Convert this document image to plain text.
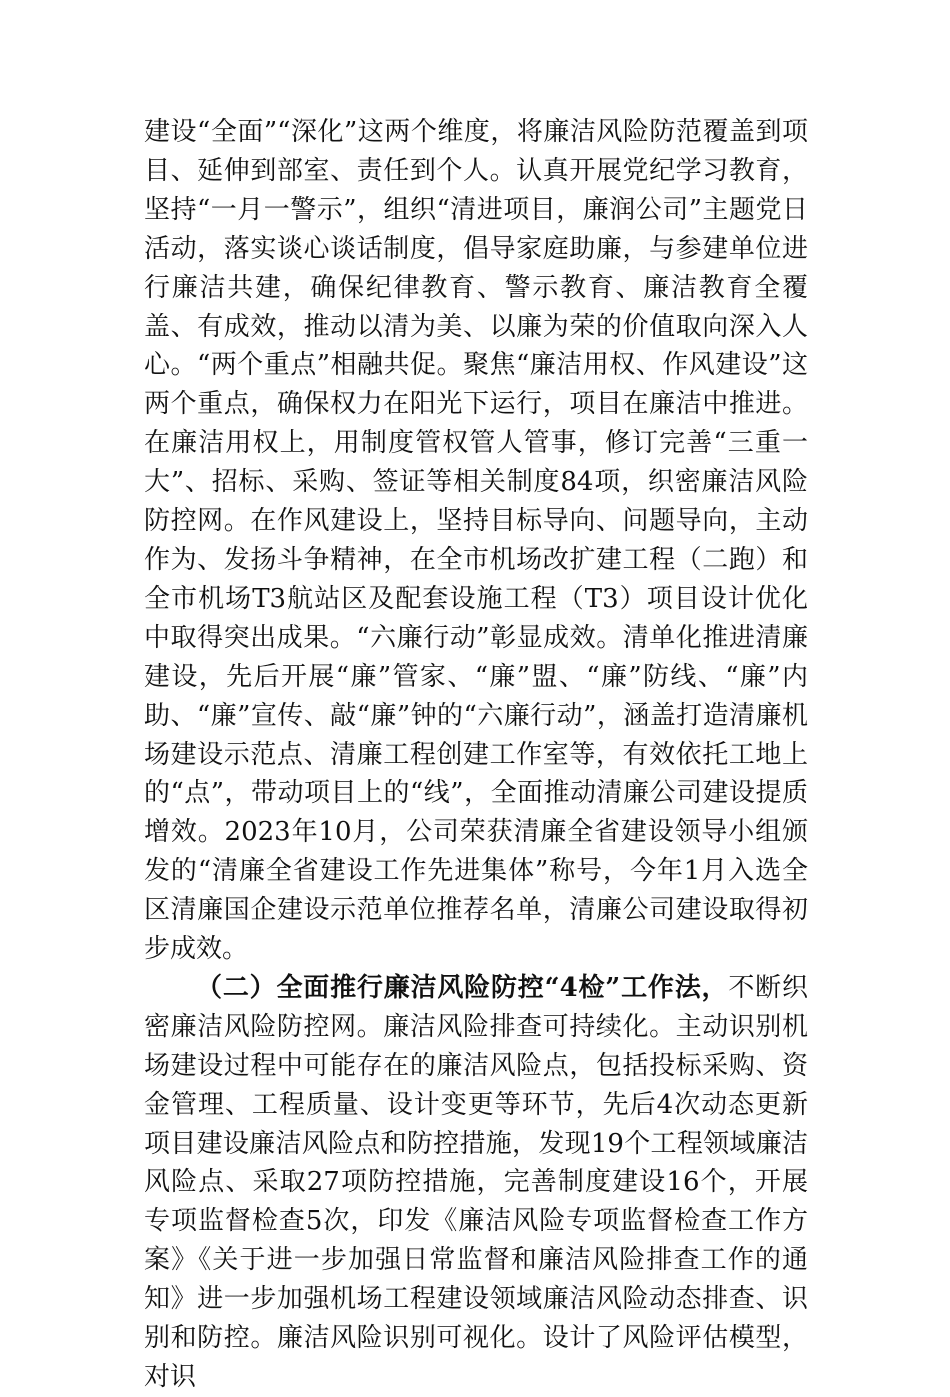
建设“全面”“深化”这两个维度，将廉洁风险防范覆盖到项目、延伸到部室、责任到个人。认真开展党纪学习教育，坚持“一月一警示”，组织“清进项目，廉润公司”主题党日活动，落实谈心谈话制度，倡导家庭助廉，与参建单位进行廉洁共建，确保纪律教育、警示教育、廉洁教育全覆盖、有成效，推动以清为美、以廉为荣的价值取向深入人心。“两个重点”相融共促。聚焦“廉洁用权、作风建设”这两个重点，确保权力在阳光下运行，项目在廉洁中推进。在廉洁用权上，用制度管权管人管事，修订完善“三重一大”、招标、采购、签证等相关制度84项，织密廉洁风险防控网。在作风建设上，坚持目标导向、问题导向，主动作为、发扬斗争精神，在全市机场改扩建工程（二跑）和全市机场T3航站区及配套设施工程（T3）项目设计优化中取得突出成果。“六廉行动”彰显成效。清单化推进清廉建设，先后开展“廉”管家、“廉”盟、“廉”防线、“廉”内助、“廉”宣传、敲“廉”钟的“六廉行动”，涵盖打造清廉机场建设示范点、清廉工程创建工作室等，有效依托工地上的“点”，带动项目上的“线”，全面推动清廉公司建设提质增效。2023年10月，公司荣获清廉全省建设领导小组颁发的“清廉全省建设工作先进集体”称号，今年1月入选全区清廉国企建设示范单位推荐名单，清廉公司建设取得初步成效。

（二）全面推行廉洁风险防控“4检”工作法，不断织密廉洁风险防控网。廉洁风险排查可持续化。主动识别机场建设过程中可能存在的廉洁风险点，包括投标采购、资金管理、工程质量、设计变更等环节，先后4次动态更新项目建设廉洁风险点和防控措施，发现19个工程领域廉洁风险点、采取27项防控措施，完善制度建设16个，开展专项监督检查5次，印发《廉洁风险专项监督检查工作方案》《关于进一步加强日常监督和廉洁风险排查工作的通知》进一步加强机场工程建设领域廉洁风险动态排查、识别和防控。廉洁风险识别可视化。设计了风险评估模型，对识
